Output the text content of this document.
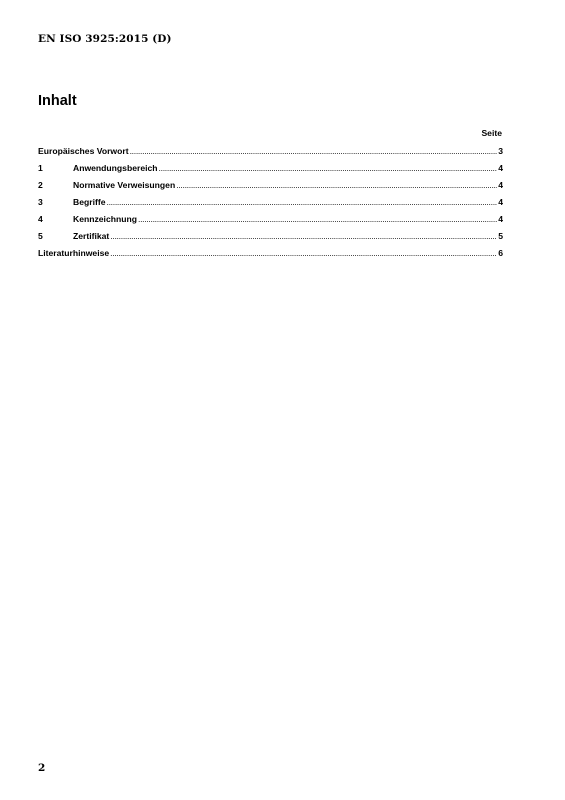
EN ISO 3925:2015 (D)
Inhalt
Seite
Europäisches Vorwort .....	3
1	Anwendungsbereich .....	4
2	Normative Verweisungen .....	4
3	Begriffe .....	4
4	Kennzeichnung .....	4
5	Zertifikat .....	5
Literaturhinweise .....	6
2
